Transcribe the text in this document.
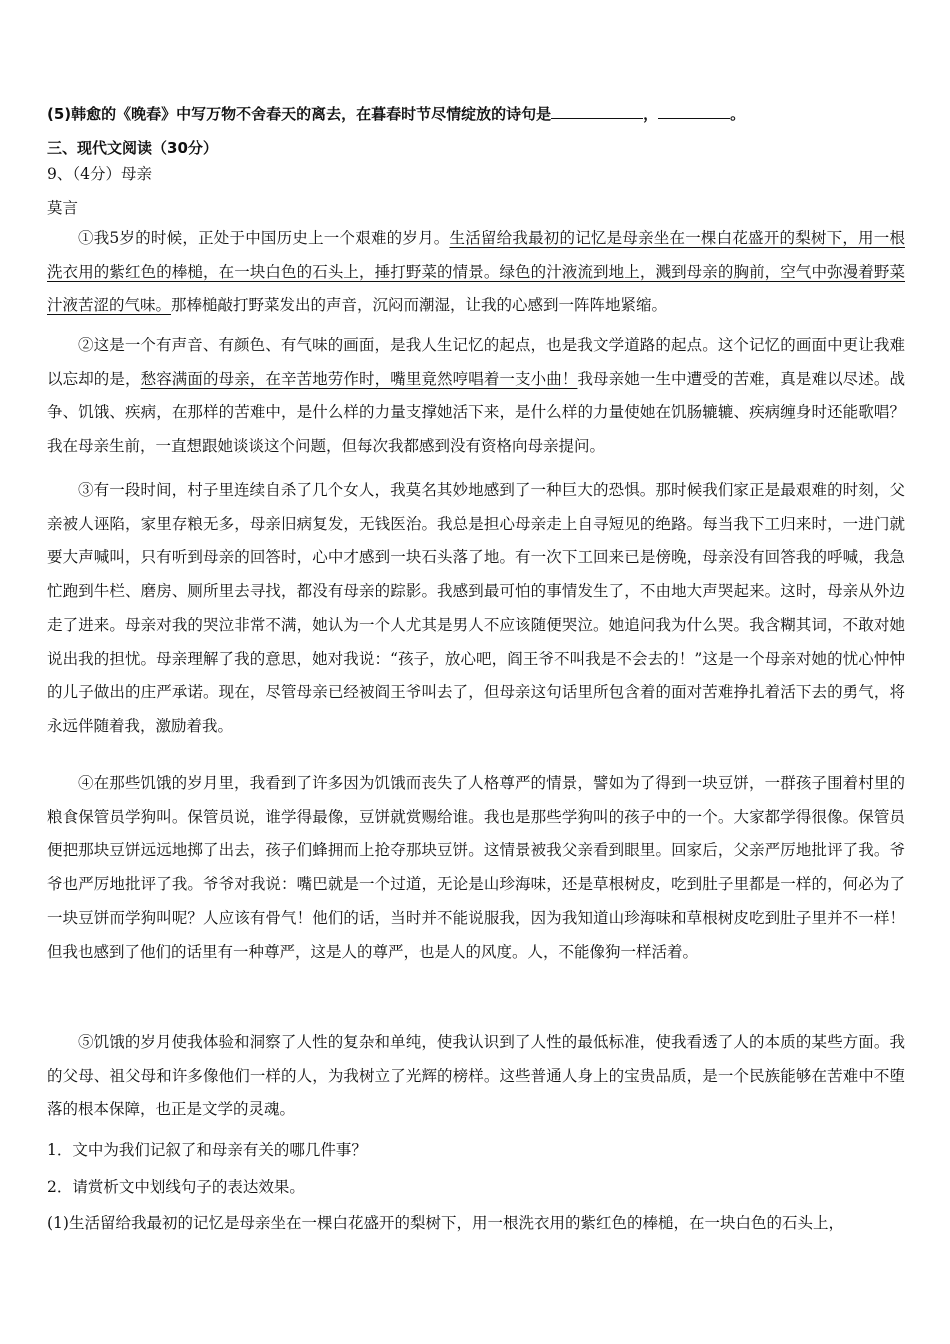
(5)韩愈的《晚春》中写万物不舍春天的离去，在暮春时节尽情绽放的诗句是	，	。
三、现代文阅读（30分）
9、（4分）母亲
莫言
①我5岁的时候，正处于中国历史上一个艰难的岁月。生活留给我最初的记忆是母亲坐在一棵白花盛开的梨树下，用一根洗衣用的紫红色的棒槌，在一块白色的石头上，捶打野菜的情景。绿色的汁液流到地上，溅到母亲的胸前，空气中弥漫着野菜汁液苦涩的气味。那棒槌敲打野菜发出的声音，沉闷而潮湿，让我的心感到一阵阵地紧缩。
②这是一个有声音、有颜色、有气味的画面，是我人生记忆的起点，也是我文学道路的起点。这个记忆的画面中更让我难以忘却的是，愁容满面的母亲，在辛苦地劳作时，嘴里竟然哼唱着一支小曲！我母亲她一生中遭受的苦难，真是难以尽述。战争、饥饿、疾病，在那样的苦难中，是什么样的力量支撑她活下来，是什么样的力量使她在饥肠辘辘、疾病缠身时还能歌唱？我在母亲生前，一直想跟她谈谈这个问题，但每次我都感到没有资格向母亲提问。
③有一段时间，村子里连续自杀了几个女人，我莫名其妙地感到了一种巨大的恐惧。那时候我们家正是最艰难的时刻，父亲被人诬陷，家里存粮无多，母亲旧病复发，无钱医治。我总是担心母亲走上自寻短见的绝路。每当我下工归来时，一进门就要大声喊叫，只有听到母亲的回答时，心中才感到一块石头落了地。有一次下工回来已是傍晚，母亲没有回答我的呼喊，我急忙跑到牛栏、磨房、厕所里去寻找，都没有母亲的踪影。我感到最可怕的事情发生了，不由地大声哭起来。这时，母亲从外边走了进来。母亲对我的哭泣非常不满，她认为一个人尤其是男人不应该随便哭泣。她追问我为什么哭。我含糊其词，不敢对她说出我的担忧。母亲理解了我的意思，她对我说：“孩子，放心吧，阎王爷不叫我是不会去的！”这是一个母亲对她的忧心忡忡的儿子做出的庄严承诺。现在，尽管母亲已经被阎王爷叫去了，但母亲这句话里所包含着的面对苦难挣扎着活下去的勇气，将永远伴随着我，激励着我。
④在那些饥饿的岁月里，我看到了许多因为饥饿而丧失了人格尊严的情景，譬如为了得到一块豆饼，一群孩子围着村里的粮食保管员学狗叫。保管员说，谁学得最像，豆饼就赏赐给谁。我也是那些学狗叫的孩子中的一个。大家都学得很像。保管员便把那块豆饼远远地掷了出去，孩子们蜂拥而上抢夺那块豆饼。这情景被我父亲看到眼里。回家后，父亲严厉地批评了我。爷爷也严厉地批评了我。爷爷对我说：嘴巴就是一个过道，无论是山珍海味，还是草根树皮，吃到肚子里都是一样的，何必为了一块豆饼而学狗叫呢？人应该有骨气！他们的话，当时并不能说服我，因为我知道山珍海味和草根树皮吃到肚子里并不一样！但我也感到了他们的话里有一种尊严，这是人的尊严，也是人的风度。人，不能像狗一样活着。
⑤饥饿的岁月使我体验和洞察了人性的复杂和单纯，使我认识到了人性的最低标准，使我看透了人的本质的某些方面。我的父母、祖父母和许多像他们一样的人，为我树立了光辉的榜样。这些普通人身上的宝贵品质，是一个民族能够在苦难中不堕落的根本保障，也正是文学的灵魂。
1．文中为我们记叙了和母亲有关的哪几件事？
2．请赏析文中划线句子的表达效果。
(1)生活留给我最初的记忆是母亲坐在一棵白花盛开的梨树下，用一根洗衣用的紫红色的棒槌，在一块白色的石头上，
